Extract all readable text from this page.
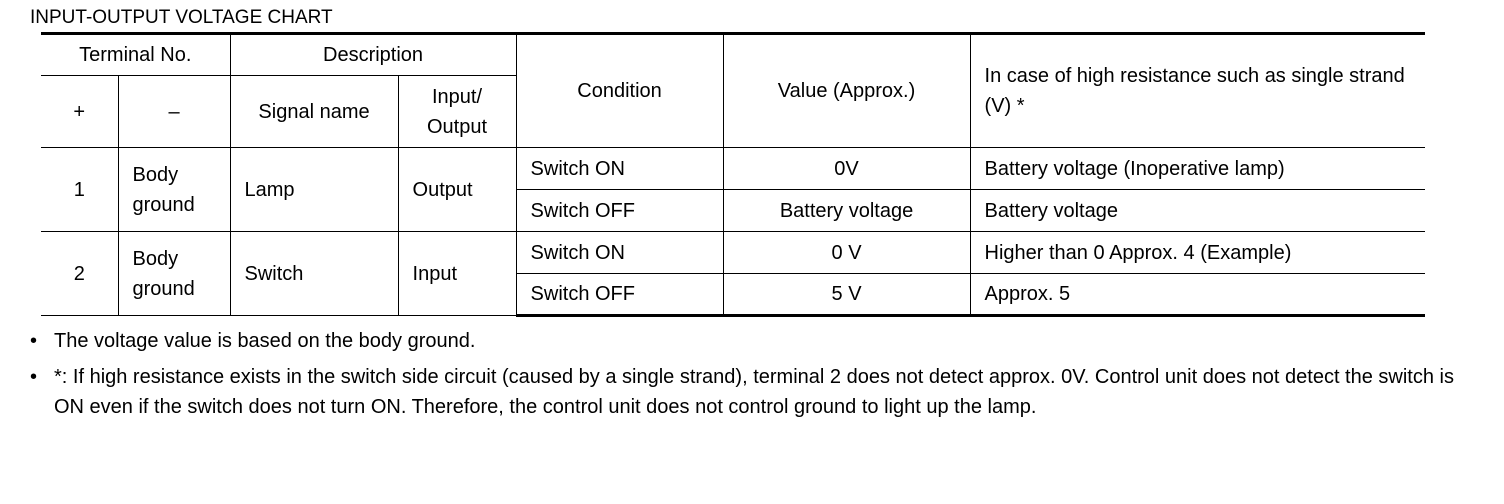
INPUT-OUTPUT VOLTAGE CHART
Terminal No.		Description		Condition	Value (Approx.)	In case of high resistance such as single strand (V) *
+	–	Signal name	Input/
Output			

1	Body
ground	Lamp	Output	Switch ON	0V	Battery voltage (Inoperative lamp)
				Switch OFF	Battery voltage	Battery voltage
2	Body
ground	Switch	Input	Switch ON	0 V	Higher than 0 Approx. 4 (Example)
				Switch OFF	5 V	Approx. 5
• The voltage value is based on the body ground.
• *: If high resistance exists in the switch side circuit (caused by a single strand), terminal 2 does not detect approx. 0V. Control unit does not detect the switch is ON even if the switch does not turn ON. Therefore, the control unit does not control ground to light up the lamp.
